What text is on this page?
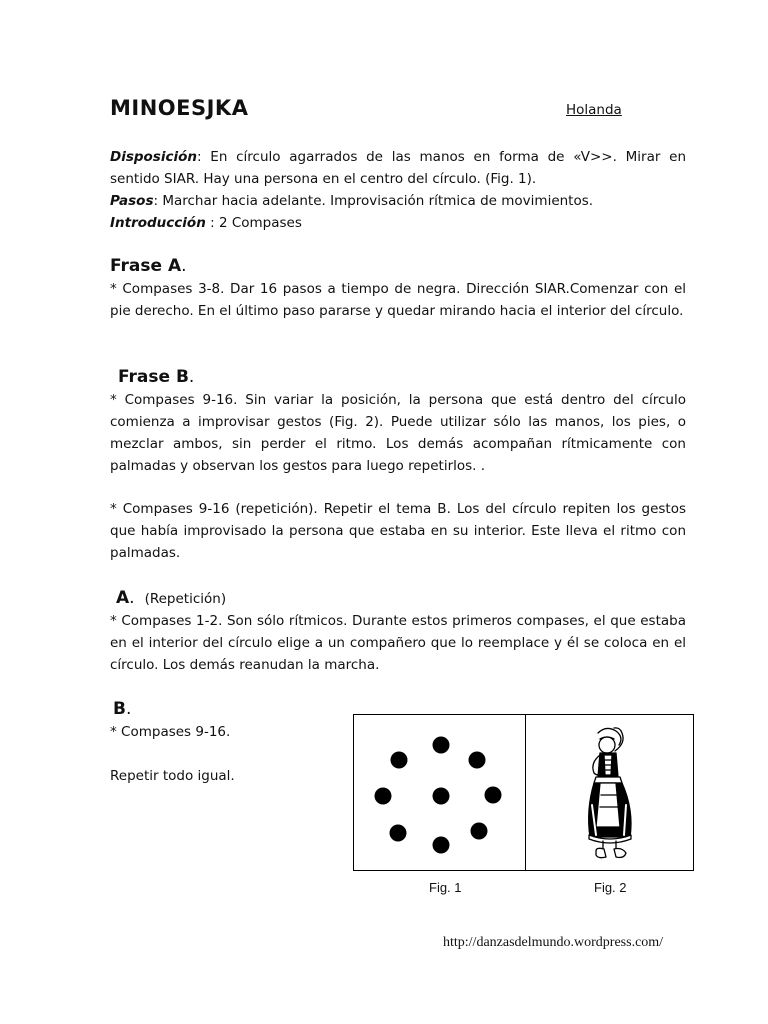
MINOESJKA	Holanda
Disposición: En círculo agarrados de las manos en forma de «V>>. Mirar en sentido SIAR. Hay una persona en el centro del círculo. (Fig. 1).
Pasos: Marchar hacia adelante. Improvisación rítmica de movimientos.
Introducción : 2 Compases
Frase A.
* Compases 3-8. Dar 16 pasos a tiempo de negra. Dirección SIAR.Comenzar con el pie derecho. En el último paso pararse y quedar mirando hacia el interior del círculo.
Frase B.
* Compases 9-16. Sin variar la posición, la persona que está dentro del círculo comienza a improvisar gestos (Fig. 2). Puede utilizar sólo las manos, los pies, o mezclar ambos, sin perder el ritmo. Los demás acompañan rítmicamente con palmadas y observan los gestos para luego repetirlos. .
* Compases 9-16 (repetición). Repetir el tema B. Los del círculo repiten los gestos que había improvisado la persona que estaba en su interior. Este lleva el ritmo con palmadas.
A. (Repetición)
* Compases 1-2. Son sólo rítmicos. Durante estos primeros compases, el que estaba en el interior del círculo elige a un compañero que lo reemplace y él se coloca en el círculo. Los demás reanudan la marcha.
B.
* Compases 9-16.
Repetir todo igual.
Fig. 1	Fig. 2
http://danzasdelmundo.wordpress.com/
